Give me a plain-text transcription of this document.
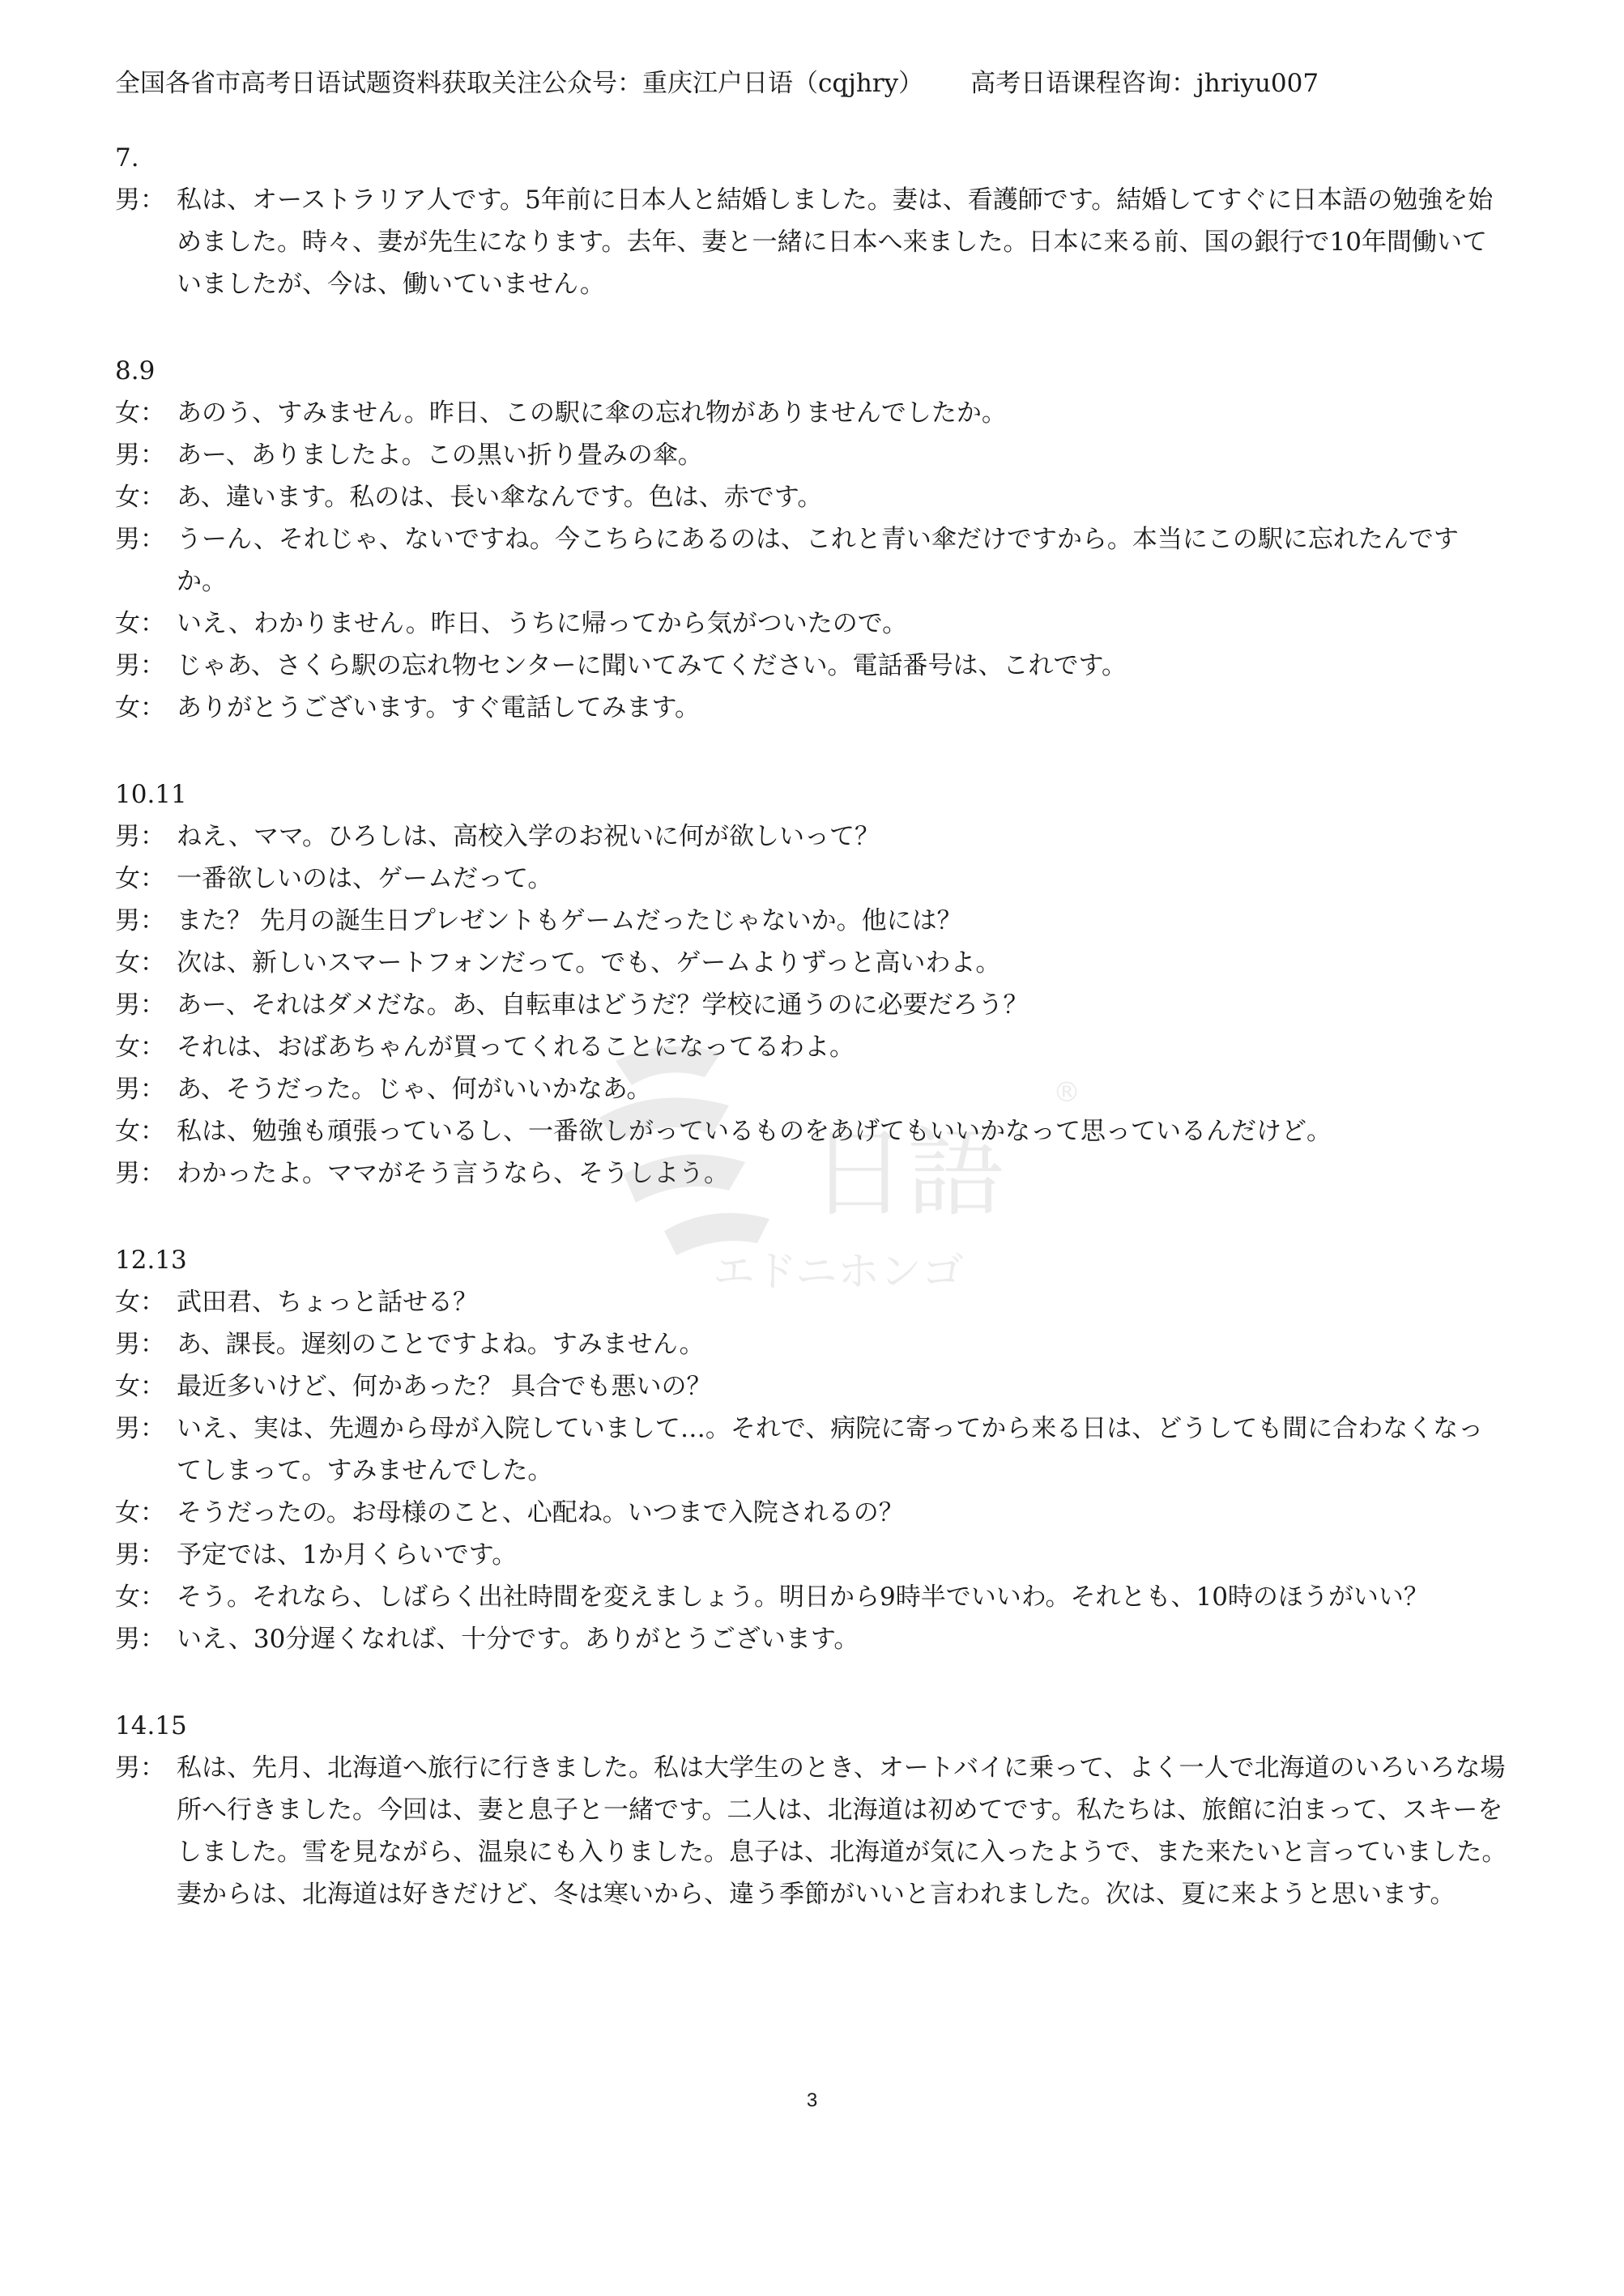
全国各省市高考日语试题资料获取关注公众号：重庆江户日语（cqjhry） 高考日语课程咨询：jhriyu007
7.
男： 私は、オーストラリア人です。5年前に日本人と結婚しました。妻は、看護師です。結婚してすぐに日本語の勉強を始めました。時々、妻が先生になります。去年、妻と一緒に日本へ来ました。日本に来る前、国の銀行で10年間働いていましたが、今は、働いていません。
8.9
女： あのう、すみません。昨日、この駅に傘の忘れ物がありませんでしたか。
男： あー、ありましたよ。この黒い折り畳みの傘。
女： あ、違います。私のは、長い傘なんです。色は、赤です。
男： うーん、それじゃ、ないですね。今こちらにあるのは、これと青い傘だけですから。本当にこの駅に忘れたんですか。
女： いえ、わかりません。昨日、うちに帰ってから気がついたので。
男： じゃあ、さくら駅の忘れ物センターに聞いてみてください。電話番号は、これです。
女： ありがとうございます。すぐ電話してみます。
10.11
男： ねえ、ママ。ひろしは、高校入学のお祝いに何が欲しいって？
女： 一番欲しいのは、ゲームだって。
男： また？ 先月の誕生日プレゼントもゲームだったじゃないか。他には？
女： 次は、新しいスマートフォンだって。でも、ゲームよりずっと高いわよ。
男： あー、それはダメだな。あ、自転車はどうだ？学校に通うのに必要だろう？
女： それは、おばあちゃんが買ってくれることになってるわよ。
男： あ、そうだった。じゃ、何がいいかなあ。
女： 私は、勉強も頑張っているし、一番欲しがっているものをあげてもいいかなって思っているんだけど。
男： わかったよ。ママがそう言うなら、そうしよう。
12.13
女： 武田君、ちょっと話せる？
男： あ、課長。遅刻のことですよね。すみません。
女： 最近多いけど、何かあった？ 具合でも悪いの？
男： いえ、実は、先週から母が入院していまして…。それで、病院に寄ってから来る日は、どうしても間に合わなくなってしまって。すみませんでした。
女： そうだったの。お母様のこと、心配ね。いつまで入院されるの？
男： 予定では、1か月くらいです。
女： そう。それなら、しばらく出社時間を変えましょう。明日から9時半でいいわ。それとも、10時のほうがいい？
男： いえ、30分遅くなれば、十分です。ありがとうございます。
14.15
男： 私は、先月、北海道へ旅行に行きました。私は大学生のとき、オートバイに乗って、よく一人で北海道のいろいろな場所へ行きました。今回は、妻と息子と一緒です。二人は、北海道は初めてです。私たちは、旅館に泊まって、スキーをしました。雪を見ながら、温泉にも入りました。息子は、北海道が気に入ったようで、また来たいと言っていました。妻からは、北海道は好きだけど、冬は寒いから、違う季節がいいと言われました。次は、夏に来ようと思います。
日語
®
エドニホンゴ
3
